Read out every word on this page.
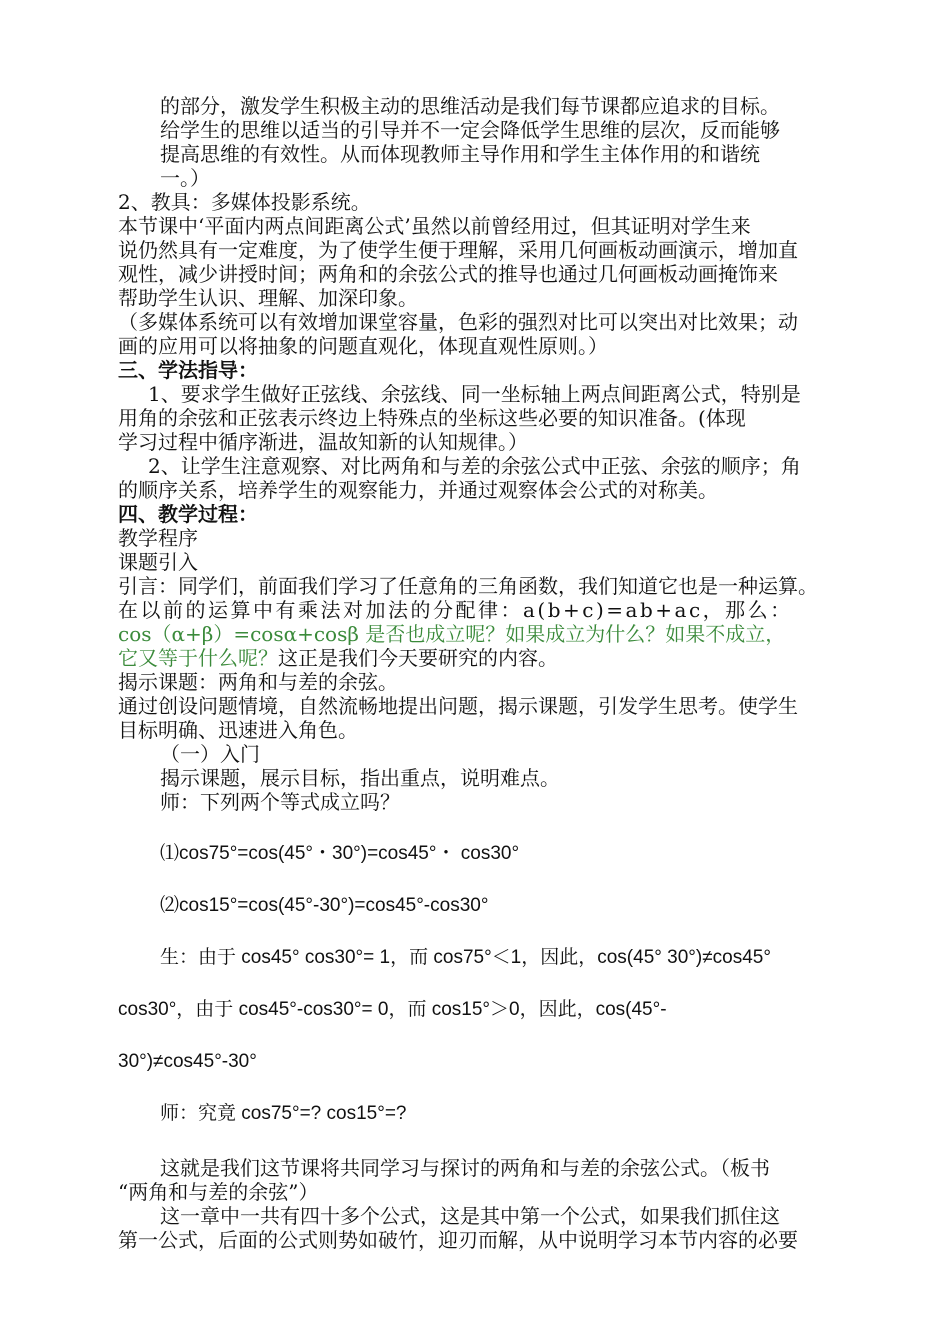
的部分，激发学生积极主动的思维活动是我们每节课都应追求的目标。
给学生的思维以适当的引导并不一定会降低学生思维的层次，反而能够
提高思维的有效性。从而体现教师主导作用和学生主体作用的和谐统
一。）
2、教具：多媒体投影系统。
本节课中‘平面内两点间距离公式’虽然以前曾经用过，但其证明对学生来
说仍然具有一定难度，为了使学生便于理解，采用几何画板动画演示，增加直
观性，减少讲授时间；两角和的余弦公式的推导也通过几何画板动画掩饰来
帮助学生认识、理解、加深印象。
（多媒体系统可以有效增加课堂容量，色彩的强烈对比可以突出对比效果；动
画的应用可以将抽象的问题直观化，体现直观性原则。）
三、学法指导：
1、要求学生做好正弦线、余弦线、同一坐标轴上两点间距离公式，特别是
用角的余弦和正弦表示终边上特殊点的坐标这些必要的知识准备。(体现
学习过程中循序渐进，温故知新的认知规律。）
2、让学生注意观察、对比两角和与差的余弦公式中正弦、余弦的顺序；角
的顺序关系，培养学生的观察能力，并通过观察体会公式的对称美。
四、教学过程：
教学程序
课题引入
引言：同学们，前面我们学习了任意角的三角函数，我们知道它也是一种运算。
在以前的运算中有乘法对加法的分配律：a(b+c)=ab+ac，那么：
cos（α+β）=cosα+cosβ 是否也成立呢？如果成立为什么？如果不成立，
它又等于什么呢？这正是我们今天要研究的内容。
揭示课题：两角和与差的余弦。
通过创设问题情境，自然流畅地提出问题，揭示课题，引发学生思考。使学生
目标明确、迅速进入角色。
（一）入门
揭示课题，展示目标，指出重点，说明难点。
师：下列两个等式成立吗？
⑴cos75°=cos(45°・30°)=cos45°・ cos30°
⑵cos15°=cos(45°-30°)=cos45°-cos30°
生：由于 cos45° cos30°= 1，而 cos75°＜1，因此，cos(45° 30°)≠cos45°
cos30°，由于 cos45°-cos30°= 0，而 cos15°＞0，因此，cos(45°-
30°)≠cos45°-30°
师：究竟 cos75°=? cos15°=?
这就是我们这节课将共同学习与探讨的两角和与差的余弦公式。（板书
“两角和与差的余弦”）
这一章中一共有四十多个公式，这是其中第一个公式，如果我们抓住这
第一公式，后面的公式则势如破竹，迎刃而解，从中说明学习本节内容的必要
